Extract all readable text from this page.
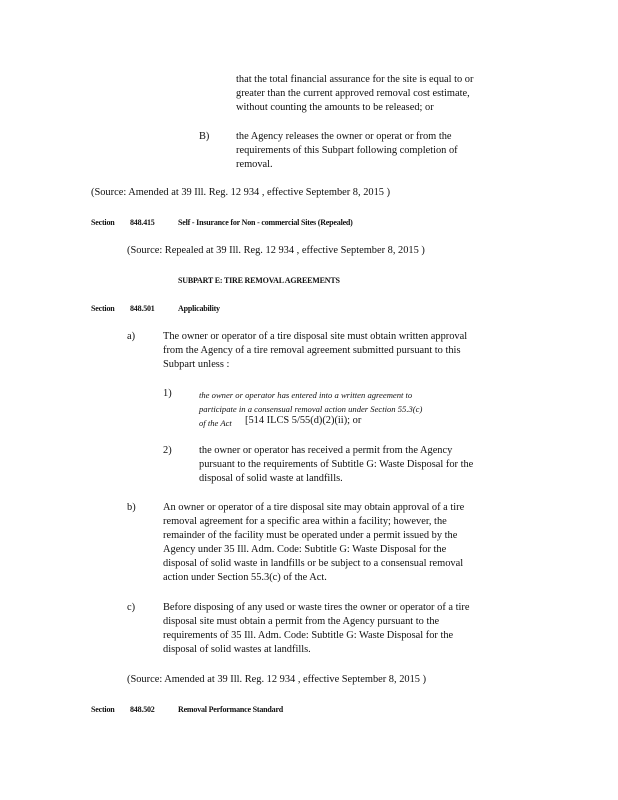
that the total financial assurance for the site is equal to or
greater than the current approved removal cost estimate,
without counting the amounts to be released; or
B)	the Agency releases the owner or operat or from the
requirements of this Subpart following completion of
removal.
(Source: Amended at 39 Ill. Reg. 12 934 , effective September 8, 2015 )
Section 848.415	Self - Insurance for Non - commercial Sites (Repealed)
(Source: Repealed at 39 Ill. Reg. 12 934 , effective September 8, 2015 )
SUBPART E: TIRE REMOVAL AGREEMENTS
Section 848.501	Applicability
a)	The owner or operator of a tire disposal site must obtain written approval
from the Agency of a tire removal agreement submitted pursuant to this
Subpart unless :
1)	the owner or operator has entered into a written agreement to
participate in a consensual removal action under Section 55.3(c)
of the Act [514 ILCS 5/55(d)(2)(ii); or
2)	the owner or operator has received a permit from the Agency
pursuant to the requirements of Subtitle G: Waste Disposal for the
disposal of solid waste at landfills.
b)	An owner or operator of a tire disposal site may obtain approval of a tire
removal agreement for a specific area within a facility; however, the
remainder of the facility must be operated under a permit issued by the
Agency under 35 Ill. Adm. Code: Subtitle G: Waste Disposal for the
disposal of solid waste in landfills or be subject to a consensual removal
action under Section 55.3(c) of the Act.
c)	Before disposing of any used or waste tires the owner or operator of a tire
disposal site must obtain a permit from the Agency pursuant to the
requirements of 35 Ill. Adm. Code: Subtitle G: Waste Disposal for the
disposal of solid wastes at landfills.
(Source: Amended at 39 Ill. Reg. 12 934 , effective September 8, 2015 )
Section 848.502	Removal Performance Standard
